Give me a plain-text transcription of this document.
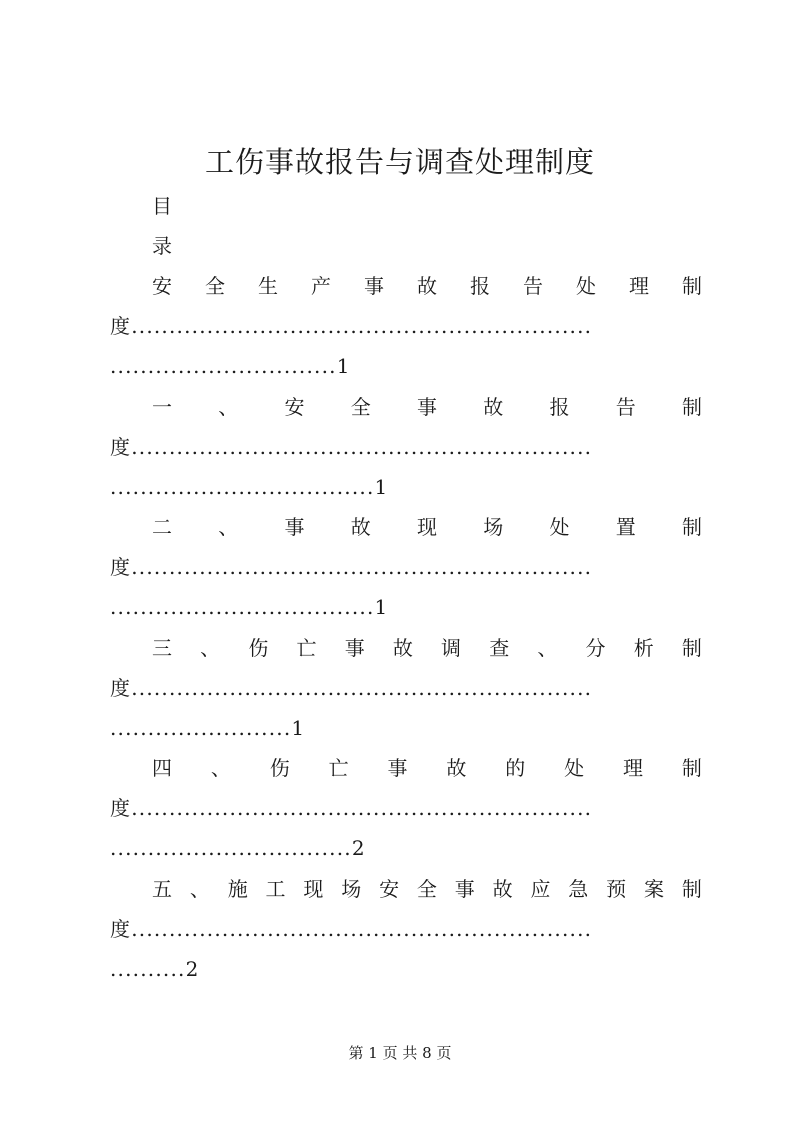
工伤事故报告与调查处理制度
目
录
安 全 生 产 事 故 报 告 处 理 制
度.............................................................
..............................1
一 、 安 全 事 故 报 告 制
度.............................................................
...................................1
二 、 事 故 现 场 处 置 制
度.............................................................
...................................1
三 、 伤 亡 事 故 调 查 、 分 析 制
度.............................................................
........................1
四 、 伤 亡 事 故 的 处 理 制
度.............................................................
................................2
五 、 施 工 现 场 安 全 事 故 应 急 预 案 制
度.............................................................
..........2
第 1 页 共 8 页
